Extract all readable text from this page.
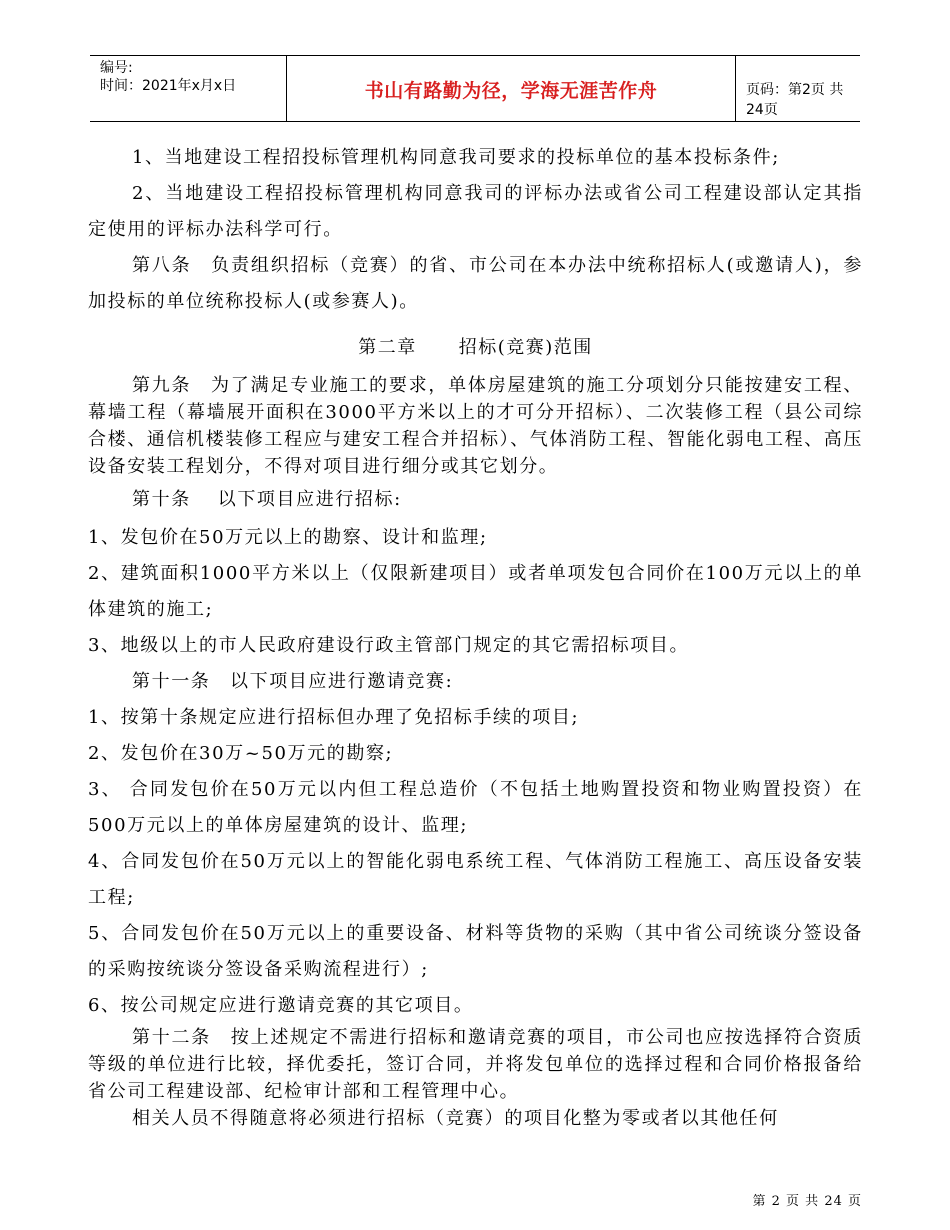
编号:
时间：2021年x月x日	书山有路勤为径，学海无涯苦作舟	页码：第2页 共24页

1、当地建设工程招投标管理机构同意我司要求的投标单位的基本投标条件;

2、当地建设工程招投标管理机构同意我司的评标办法或省公司工程建设部认定其指定使用的评标办法科学可行。

第八条　负责组织招标（竞赛）的省、市公司在本办法中统称招标人(或邀请人)，参加投标的单位统称投标人(或参赛人)。

第二章 招标(竞赛)范围

第九条　为了满足专业施工的要求，单体房屋建筑的施工分项划分只能按建安工程、幕墙工程（幕墙展开面积在3000平方米以上的才可分开招标）、二次装修工程（县公司综合楼、通信机楼装修工程应与建安工程合并招标）、气体消防工程、智能化弱电工程、高压设备安装工程划分，不得对项目进行细分或其它划分。

第十条　 以下项目应进行招标:

1、发包价在50万元以上的勘察、设计和监理;

2、建筑面积1000平方米以上（仅限新建项目）或者单项发包合同价在100万元以上的单体建筑的施工;

3、地级以上的市人民政府建设行政主管部门规定的其它需招标项目。

第十一条　以下项目应进行邀请竞赛:

1、按第十条规定应进行招标但办理了免招标手续的项目;

2、发包价在30万~50万元的勘察;

3、 合同发包价在50万元以内但工程总造价（不包括土地购置投资和物业购置投资）在500万元以上的单体房屋建筑的设计、监理;

4、合同发包价在50万元以上的智能化弱电系统工程、气体消防工程施工、高压设备安装工程;

5、合同发包价在50万元以上的重要设备、材料等货物的采购（其中省公司统谈分签设备的采购按统谈分签设备采购流程进行）;

6、按公司规定应进行邀请竞赛的其它项目。

第十二条　按上述规定不需进行招标和邀请竞赛的项目，市公司也应按选择符合资质等级的单位进行比较，择优委托，签订合同，并将发包单位的选择过程和合同价格报备给省公司工程建设部、纪检审计部和工程管理中心。

相关人员不得随意将必须进行招标（竞赛）的项目化整为零或者以其他任何

第 2 页 共 24 页
